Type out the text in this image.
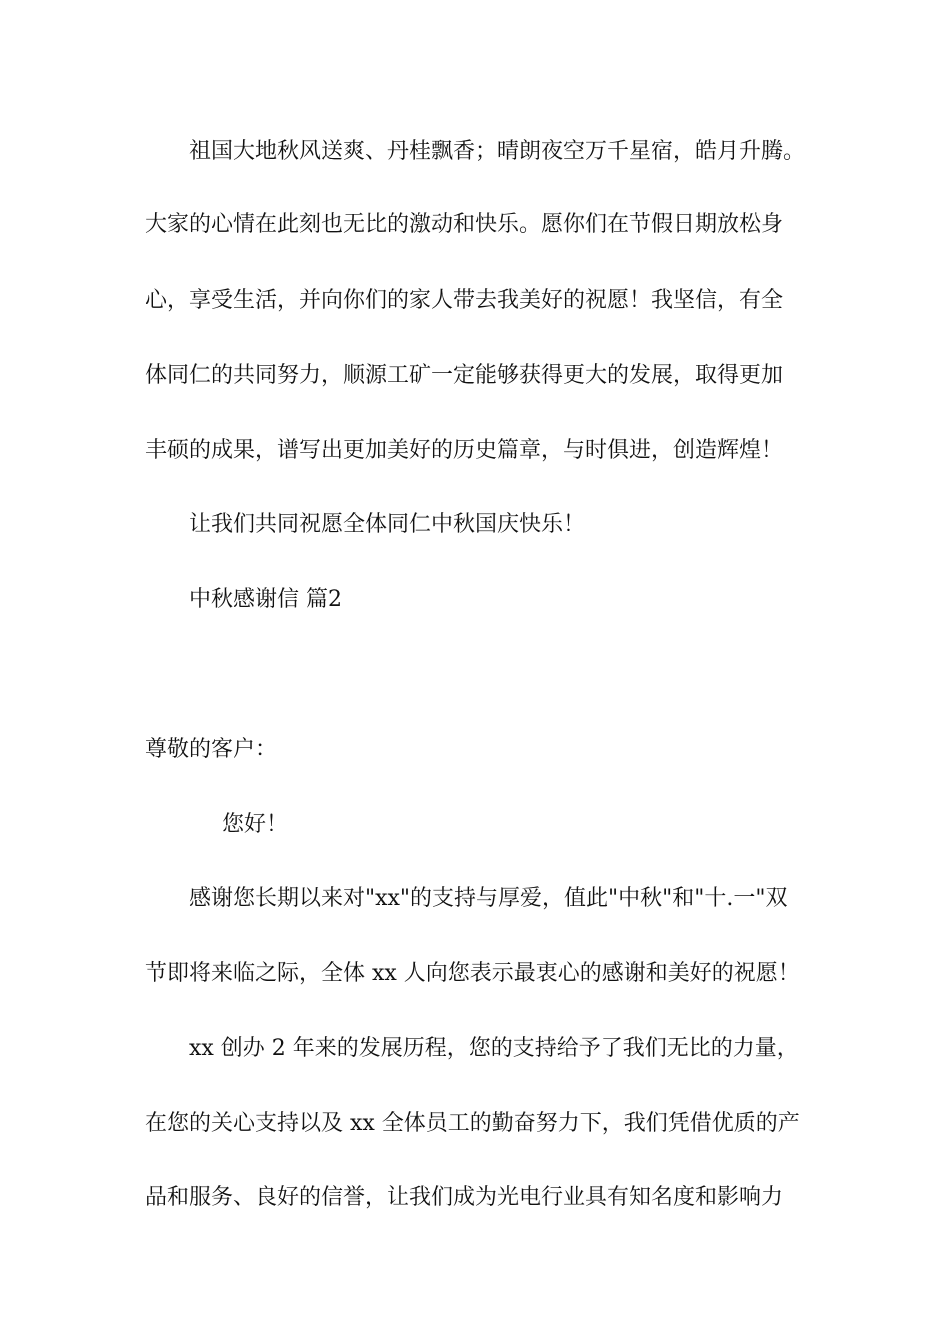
祖国大地秋风送爽、丹桂飘香；晴朗夜空万千星宿，皓月升腾。
大家的心情在此刻也无比的激动和快乐。愿你们在节假日期放松身
心，享受生活，并向你们的家人带去我美好的祝愿！我坚信，有全
体同仁的共同努力，顺源工矿一定能够获得更大的发展，取得更加
丰硕的成果，谱写出更加美好的历史篇章，与时俱进，创造辉煌！
让我们共同祝愿全体同仁中秋国庆快乐！
中秋感谢信 篇2
尊敬的客户：
您好！
感谢您长期以来对"xx"的支持与厚爱，值此"中秋"和"十.一"双
节即将来临之际，全体 xx 人向您表示最衷心的感谢和美好的祝愿！
xx 创办 2 年来的发展历程，您的支持给予了我们无比的力量，
在您的关心支持以及 xx 全体员工的勤奋努力下，我们凭借优质的产
品和服务、良好的信誉，让我们成为光电行业具有知名度和影响力
